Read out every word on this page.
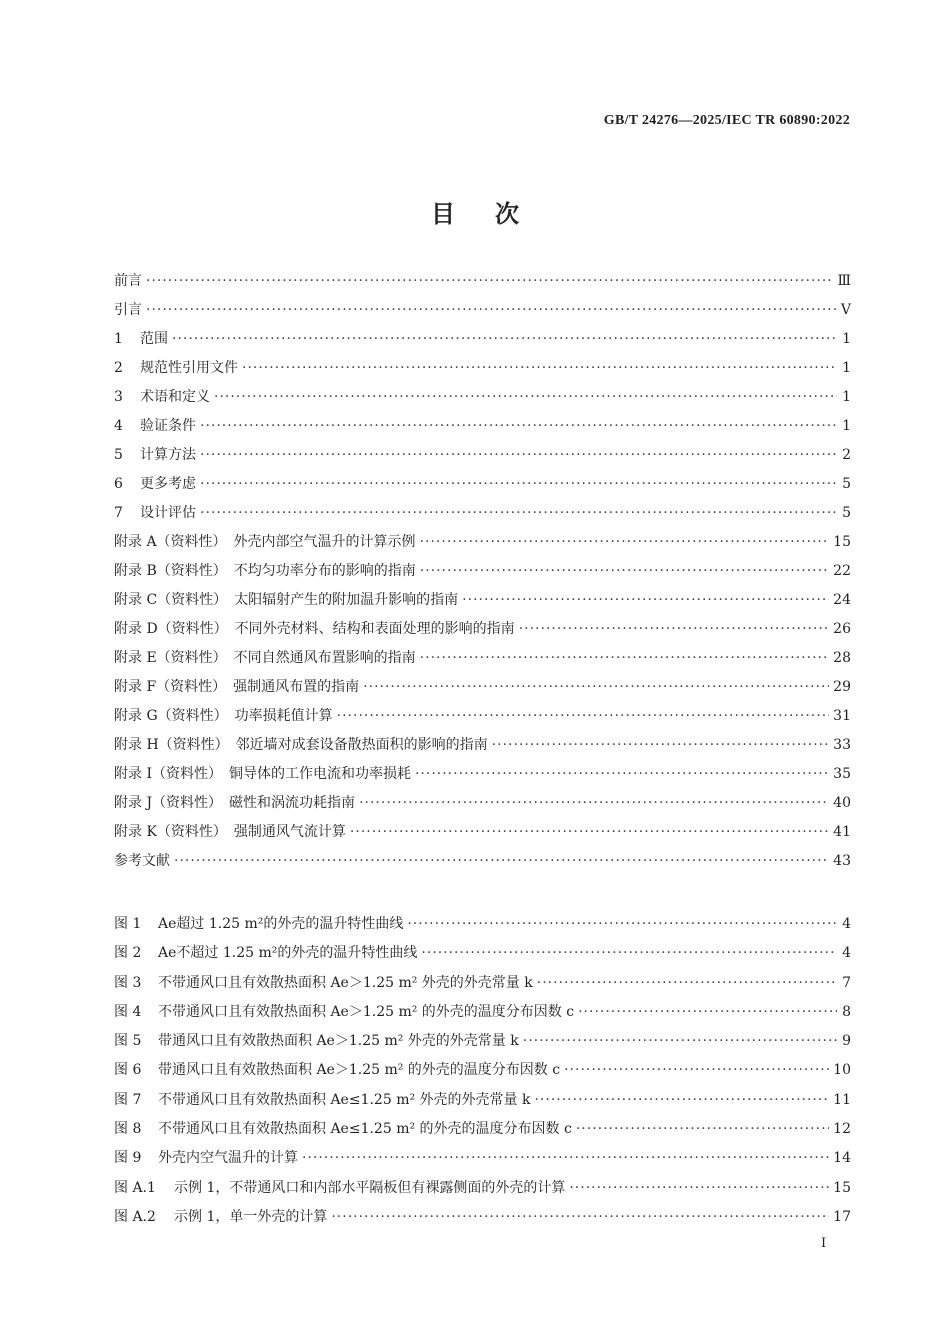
GB/T 24276—2025/IEC TR 60890:2022
目次
前言 ·····	Ⅲ
引言 ·····	Ⅴ
1	范围 ·····	1
2	规范性引用文件 ·····	1
3	术语和定义 ·····	1
4	验证条件 ·····	1
5	计算方法 ·····	2
6	更多考虑 ·····	5
7	设计评估 ·····	5
附录 A（资料性）　外壳内部空气温升的计算示例 ·····	15
附录 B（资料性）　不均匀功率分布的影响的指南 ·····	22
附录 C（资料性）　太阳辐射产生的附加温升影响的指南 ·····	24
附录 D（资料性）　不同外壳材料、结构和表面处理的影响的指南 ·····	26
附录 E（资料性）　不同自然通风布置影响的指南 ·····	28
附录 F（资料性）　强制通风布置的指南 ·····	29
附录 G（资料性）　功率损耗值计算 ·····	31
附录 H（资料性）　邻近墙对成套设备散热面积的影响的指南 ·····	33
附录 I（资料性）　铜导体的工作电流和功率损耗 ·····	35
附录 J（资料性）　磁性和涡流功耗指南 ·····	40
附录 K（资料性）　强制通风气流计算 ·····	41
参考文献 ·····	43
图 1	Ae超过 1.25 m²的外壳的温升特性曲线 ·····	4
图 2	Ae不超过 1.25 m²的外壳的温升特性曲线 ·····	4
图 3	不带通风口且有效散热面积 Ae＞1.25 m² 外壳的外壳常量 k ·····	7
图 4	不带通风口且有效散热面积 Ae＞1.25 m² 的外壳的温度分布因数 c ·····	8
图 5	带通风口且有效散热面积 Ae＞1.25 m² 外壳的外壳常量 k ·····	9
图 6	带通风口且有效散热面积 Ae＞1.25 m² 的外壳的温度分布因数 c ·····	10
图 7	不带通风口且有效散热面积 Ae≤1.25 m² 外壳的外壳常量 k ·····	11
图 8	不带通风口且有效散热面积 Ae≤1.25 m² 的外壳的温度分布因数 c ·····	12
图 9	外壳内空气温升的计算 ·····	14
图 A.1	示例 1，不带通风口和内部水平隔板但有裸露侧面的外壳的计算 ·····	15
图 A.2	示例 1，单一外壳的计算 ·····	17
Ⅰ
